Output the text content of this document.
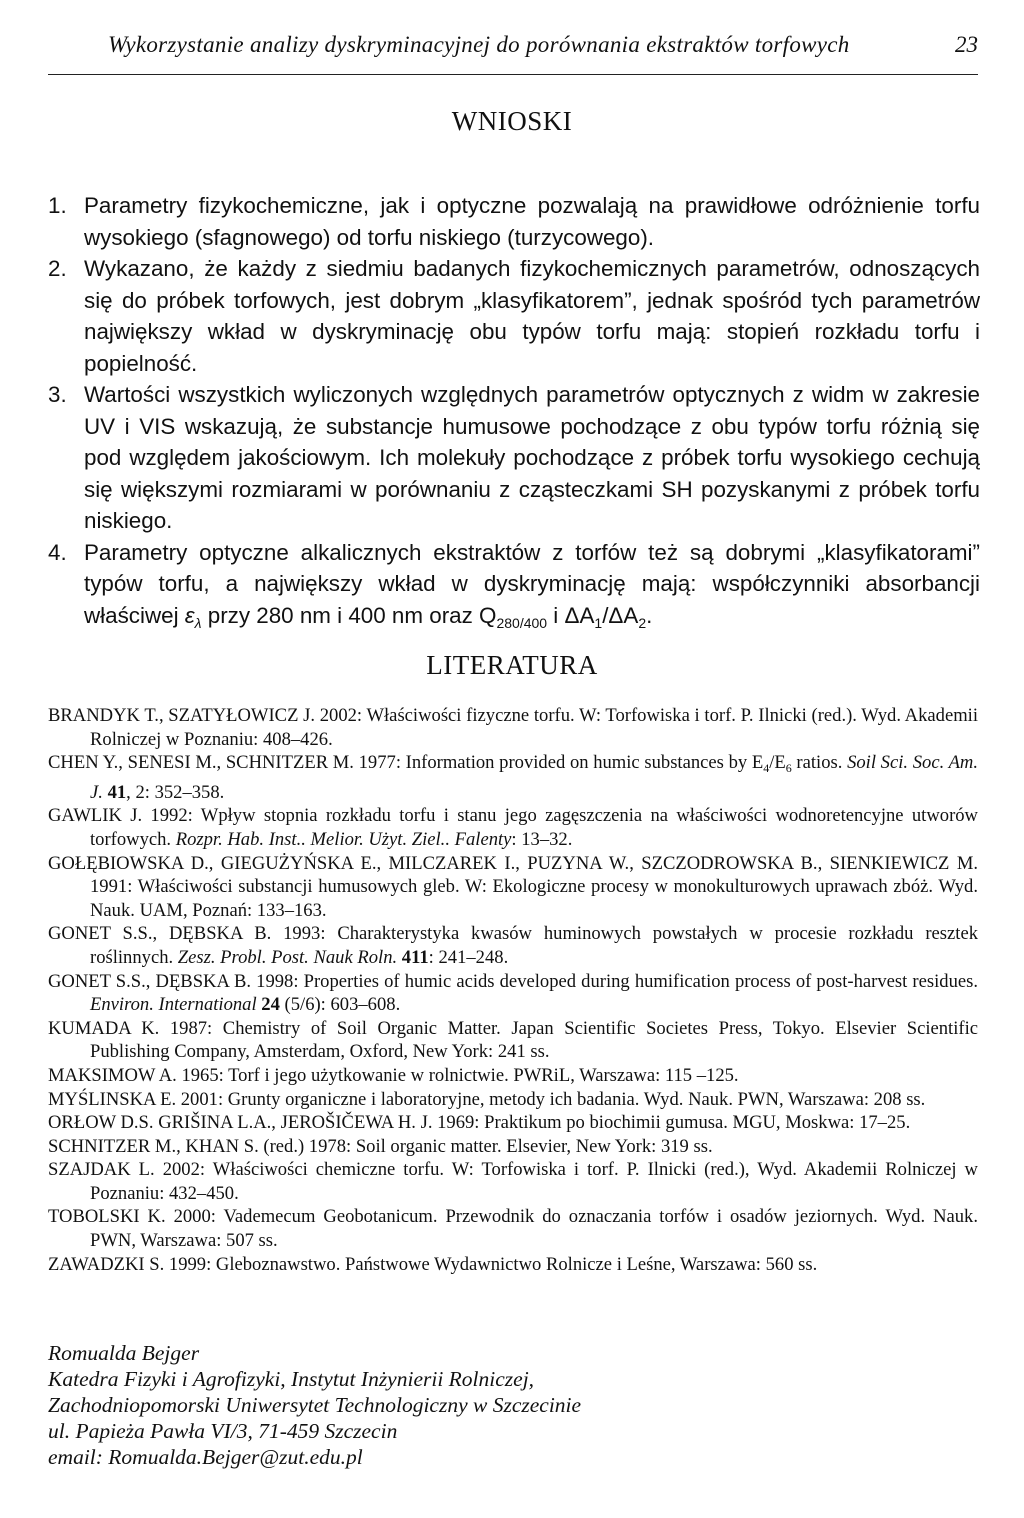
Wykorzystanie analizy dyskryminacyjnej do porównania ekstraktów torfowych	23
WNIOSKI
1. Parametry fizykochemiczne, jak i optyczne pozwalają na prawidłowe odróżnienie torfu wysokiego (sfagnowego) od torfu niskiego (turzycowego).
2. Wykazano, że każdy z siedmiu badanych fizykochemicznych parametrów, odnoszących się do próbek torfowych, jest dobrym „klasyfikatorem”, jednak spośród tych parametrów największy wkład w dyskryminację obu typów torfu mają: stopień rozkładu torfu i popielność.
3. Wartości wszystkich wyliczonych względnych parametrów optycznych z widm w zakresie UV i VIS wskazują, że substancje humusowe pochodzące z obu typów torfu różnią się pod względem jakościowym. Ich molekuły pochodzące z próbek torfu wysokiego cechują się większymi rozmiarami w porównaniu z cząsteczkami SH pozyskanymi z próbek torfu niskiego.
4. Parametry optyczne alkalicznych ekstraktów z torfów też są dobrymi „klasyfikatorami” typów torfu, a największy wkład w dyskryminację mają: współczynniki absorbancji właściwej $\varepsilon_\lambda$ przy 280 nm i 400 nm oraz $Q_{280/400}$ i $\Delta A_1/\Delta A_2$.
LITERATURA
BRANDYK T., SZATYŁOWICZ J. 2002: Właściwości fizyczne torfu. W: Torfowiska i torf. P. Ilnicki (red.). Wyd. Akademii Rolniczej w Poznaniu: 408–426.
CHEN Y., SENESI M., SCHNITZER M. 1977: Information provided on humic substances by $E_4/E_6$ ratios. Soil Sci. Soc. Am. J. 41, 2: 352–358.
GAWLIK J. 1992: Wpływ stopnia rozkładu torfu i stanu jego zagęszczenia na właściwości wodnoretencyjne utworów torfowych. Rozpr. Hab. Inst.. Melior. Użyt. Ziel.. Falenty: 13–32.
GOŁĘBIOWSKA D., GIEGUŻYŃSKA E., MILCZAREK I., PUZYNA W., SZCZODROWSKA B., SIENKIEWICZ M. 1991: Właściwości substancji humusowych gleb. W: Ekologiczne procesy w monokulturowych uprawach zbóż. Wyd. Nauk. UAM, Poznań: 133–163.
GONET S.S., DĘBSKA B. 1993: Charakterystyka kwasów huminowych powstałych w procesie rozkładu resztek roślinnych. Zesz. Probl. Post. Nauk Roln. 411: 241–248.
GONET S.S., DĘBSKA B. 1998: Properties of humic acids developed during humification process of post-harvest residues. Environ. International 24 (5/6): 603–608.
KUMADA K. 1987: Chemistry of Soil Organic Matter. Japan Scientific Societes Press, Tokyo. Elsevier Scientific Publishing Company, Amsterdam, Oxford, New York: 241 ss.
MAKSIMOW A. 1965: Torf i jego użytkowanie w rolnictwie. PWRiL, Warszawa: 115 –125.
MYŚLINSKA E. 2001: Grunty organiczne i laboratoryjne, metody ich badania. Wyd. Nauk. PWN, Warszawa: 208 ss.
ORŁOW D.S. GRIŠINA L.A., JEROŠIČEWA H. J. 1969: Praktikum po biochimii gumusa. MGU, Moskwa: 17–25.
SCHNITZER M., KHAN S. (red.) 1978: Soil organic matter. Elsevier, New York: 319 ss.
SZAJDAK L. 2002: Właściwości chemiczne torfu. W: Torfowiska i torf. P. Ilnicki (red.), Wyd. Akademii Rolniczej w Poznaniu: 432–450.
TOBOLSKI K. 2000: Vademecum Geobotanicum. Przewodnik do oznaczania torfów i osadów jeziornych. Wyd. Nauk. PWN, Warszawa: 507 ss.
ZAWADZKI S. 1999: Gleboznawstwo. Państwowe Wydawnictwo Rolnicze i Leśne, Warszawa: 560 ss.
Romualda Bejger
Katedra Fizyki i Agrofizyki, Instytut Inżynierii Rolniczej,
Zachodniopomorski Uniwersytet Technologiczny w Szczecinie
ul. Papieża Pawła VI/3, 71-459 Szczecin
email: Romualda.Bejger@zut.edu.pl
